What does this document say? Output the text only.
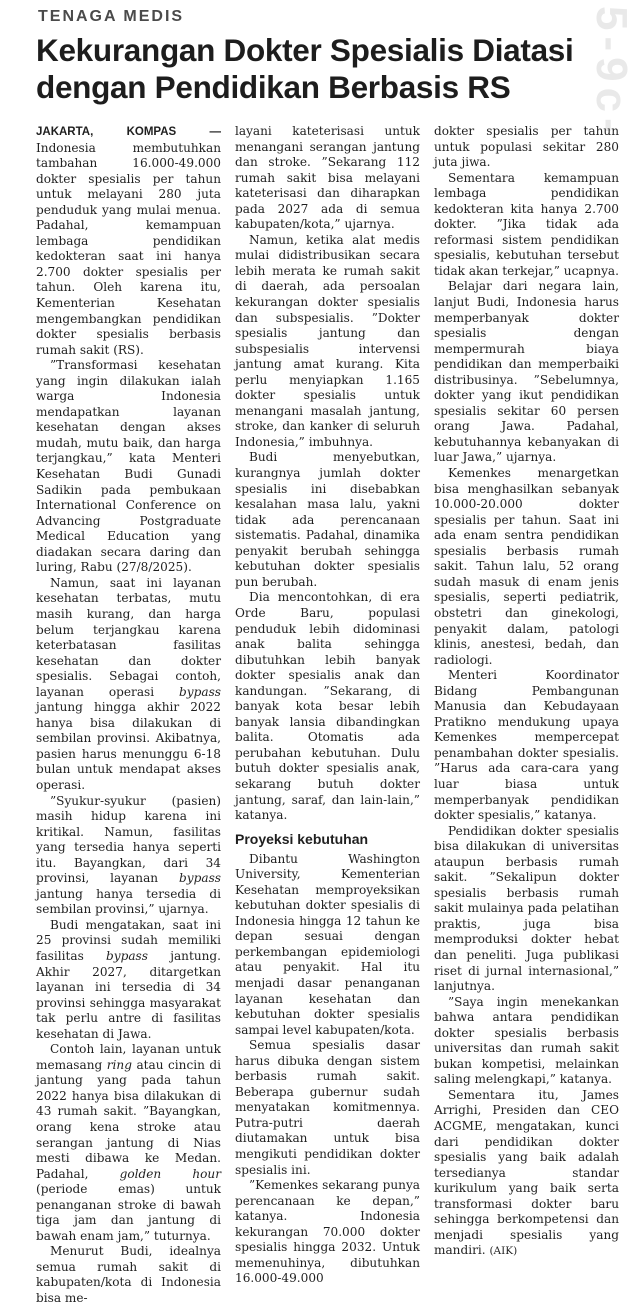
TENAGA MEDIS	5-9c-
Kekurangan Dokter Spesialis Diatasi
dengan Pendidikan Berbasis RS

JAKARTA, KOMPAS — Indonesia membutuhkan tambahan 16.000-49.000 dokter spesialis per tahun untuk melayani 280 juta penduduk yang mulai menua. Padahal, kemampuan lembaga pendidikan kedokteran saat ini hanya 2.700 dokter spesialis per tahun. Oleh karena itu, Kementerian Kesehatan mengembangkan pendidikan dokter spesialis berbasis rumah sakit (RS).

”Transformasi kesehatan yang ingin dilakukan ialah warga Indonesia mendapatkan layanan kesehatan dengan akses mudah, mutu baik, dan harga terjangkau,” kata Menteri Kesehatan Budi Gunadi Sadikin pada pembukaan International Conference on Advancing Postgraduate Medical Education yang diadakan secara daring dan luring, Rabu (27/8/2025).

Namun, saat ini layanan kesehatan terbatas, mutu masih kurang, dan harga belum terjangkau karena keterbatasan fasilitas kesehatan dan dokter spesialis. Sebagai contoh, layanan operasi bypass jantung hingga akhir 2022 hanya bisa dilakukan di sembilan provinsi. Akibatnya, pasien harus menunggu 6-18 bulan untuk mendapat akses operasi.

”Syukur-syukur (pasien) masih hidup karena ini kritikal. Namun, fasilitas yang tersedia hanya seperti itu. Bayangkan, dari 34 provinsi, layanan bypass jantung hanya tersedia di sembilan provinsi,” ujarnya.

Budi mengatakan, saat ini 25 provinsi sudah memiliki fasilitas bypass jantung. Akhir 2027, ditargetkan layanan ini tersedia di 34 provinsi sehingga masyarakat tak perlu antre di fasilitas kesehatan di Jawa.

Contoh lain, layanan untuk memasang ring atau cincin di jantung yang pada tahun 2022 hanya bisa dilakukan di 43 rumah sakit. ”Bayangkan, orang kena stroke atau serangan jantung di Nias mesti dibawa ke Medan. Padahal, golden hour (periode emas) untuk penanganan stroke di bawah tiga jam dan jantung di bawah enam jam,” tuturnya.

Menurut Budi, idealnya semua rumah sakit di kabupaten/kota di Indonesia bisa me-

layani kateterisasi untuk menangani serangan jantung dan stroke. ”Sekarang 112 rumah sakit bisa melayani kateterisasi dan diharapkan pada 2027 ada di semua kabupaten/kota,” ujarnya.

Namun, ketika alat medis mulai didistribusikan secara lebih merata ke rumah sakit di daerah, ada persoalan kekurangan dokter spesialis dan subspesialis. ”Dokter spesialis jantung dan subspesialis intervensi jantung amat kurang. Kita perlu menyiapkan 1.165 dokter spesialis untuk menangani masalah jantung, stroke, dan kanker di seluruh Indonesia,” imbuhnya.

Budi menyebutkan, kurangnya jumlah dokter spesialis ini disebabkan kesalahan masa lalu, yakni tidak ada perencanaan sistematis. Padahal, dinamika penyakit berubah sehingga kebutuhan dokter spesialis pun berubah.

Dia mencontohkan, di era Orde Baru, populasi penduduk lebih didominasi anak balita sehingga dibutuhkan lebih banyak dokter spesialis anak dan kandungan. ”Sekarang, di banyak kota besar lebih banyak lansia dibandingkan balita. Otomatis ada perubahan kebutuhan. Dulu butuh dokter spesialis anak, sekarang butuh dokter jantung, saraf, dan lain-lain,” katanya.

Proyeksi kebutuhan

Dibantu Washington University, Kementerian Kesehatan memproyeksikan kebutuhan dokter spesialis di Indonesia hingga 12 tahun ke depan sesuai dengan perkembangan epidemiologi atau penyakit. Hal itu menjadi dasar penanganan layanan kesehatan dan kebutuhan dokter spesialis sampai level kabupaten/kota.

Semua spesialis dasar harus dibuka dengan sistem berbasis rumah sakit. Beberapa gubernur sudah menyatakan komitmennya. Putra-putri daerah diutamakan untuk bisa mengikuti pendidikan dokter spesialis ini.

”Kemenkes sekarang punya perencanaan ke depan,” katanya. Indonesia kekurangan 70.000 dokter spesialis hingga 2032. Untuk memenuhinya, dibutuhkan 16.000-49.000

dokter spesialis per tahun untuk populasi sekitar 280 juta jiwa.

Sementara kemampuan lembaga pendidikan kedokteran kita hanya 2.700 dokter. ”Jika tidak ada reformasi sistem pendidikan spesialis, kebutuhan tersebut tidak akan terkejar,” ucapnya.

Belajar dari negara lain, lanjut Budi, Indonesia harus memperbanyak dokter spesialis dengan mempermurah biaya pendidikan dan memperbaiki distribusinya. ”Sebelumnya, dokter yang ikut pendidikan spesialis sekitar 60 persen orang Jawa. Padahal, kebutuhannya kebanyakan di luar Jawa,” ujarnya.

Kemenkes menargetkan bisa menghasilkan sebanyak 10.000-20.000 dokter spesialis per tahun. Saat ini ada enam sentra pendidikan spesialis berbasis rumah sakit. Tahun lalu, 52 orang sudah masuk di enam jenis spesialis, seperti pediatrik, obstetri dan ginekologi, penyakit dalam, patologi klinis, anestesi, bedah, dan radiologi.

Menteri Koordinator Bidang Pembangunan Manusia dan Kebudayaan Pratikno mendukung upaya Kemenkes mempercepat penambahan dokter spesialis. ”Harus ada cara-cara yang luar biasa untuk memperbanyak pendidikan dokter spesialis,” katanya.

Pendidikan dokter spesialis bisa dilakukan di universitas ataupun berbasis rumah sakit. ”Sekalipun dokter spesialis berbasis rumah sakit mulainya pada pelatihan praktis, juga bisa memproduksi dokter hebat dan peneliti. Juga publikasi riset di jurnal internasional,” lanjutnya.

”Saya ingin menekankan bahwa antara pendidikan dokter spesialis berbasis universitas dan rumah sakit bukan kompetisi, melainkan saling melengkapi,” katanya.

Sementara itu, James Arrighi, Presiden dan CEO ACGME, mengatakan, kunci dari pendidikan dokter spesialis yang baik adalah tersedianya standar kurikulum yang baik serta transformasi dokter baru sehingga berkompetensi dan menjadi spesialis yang mandiri. (AIK)
